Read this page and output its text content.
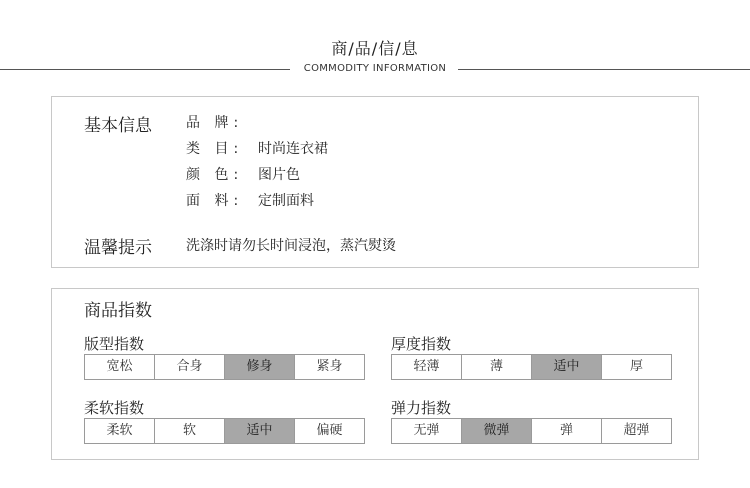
商/品/信/息
COMMODITY INFORMATION
基本信息 品 牌:
类 目: 时尚连衣裙
颜 色: 图片色
面 料: 定制面料
温馨提示 洗涤时请勿长时间浸泡，蒸汽熨烫
商品指数
版型指数
宽松	合身	修身	紧身
厚度指数
轻薄	薄	适中	厚
柔软指数
柔软	软	适中	偏硬
弹力指数
无弹	微弹	弹	超弹
